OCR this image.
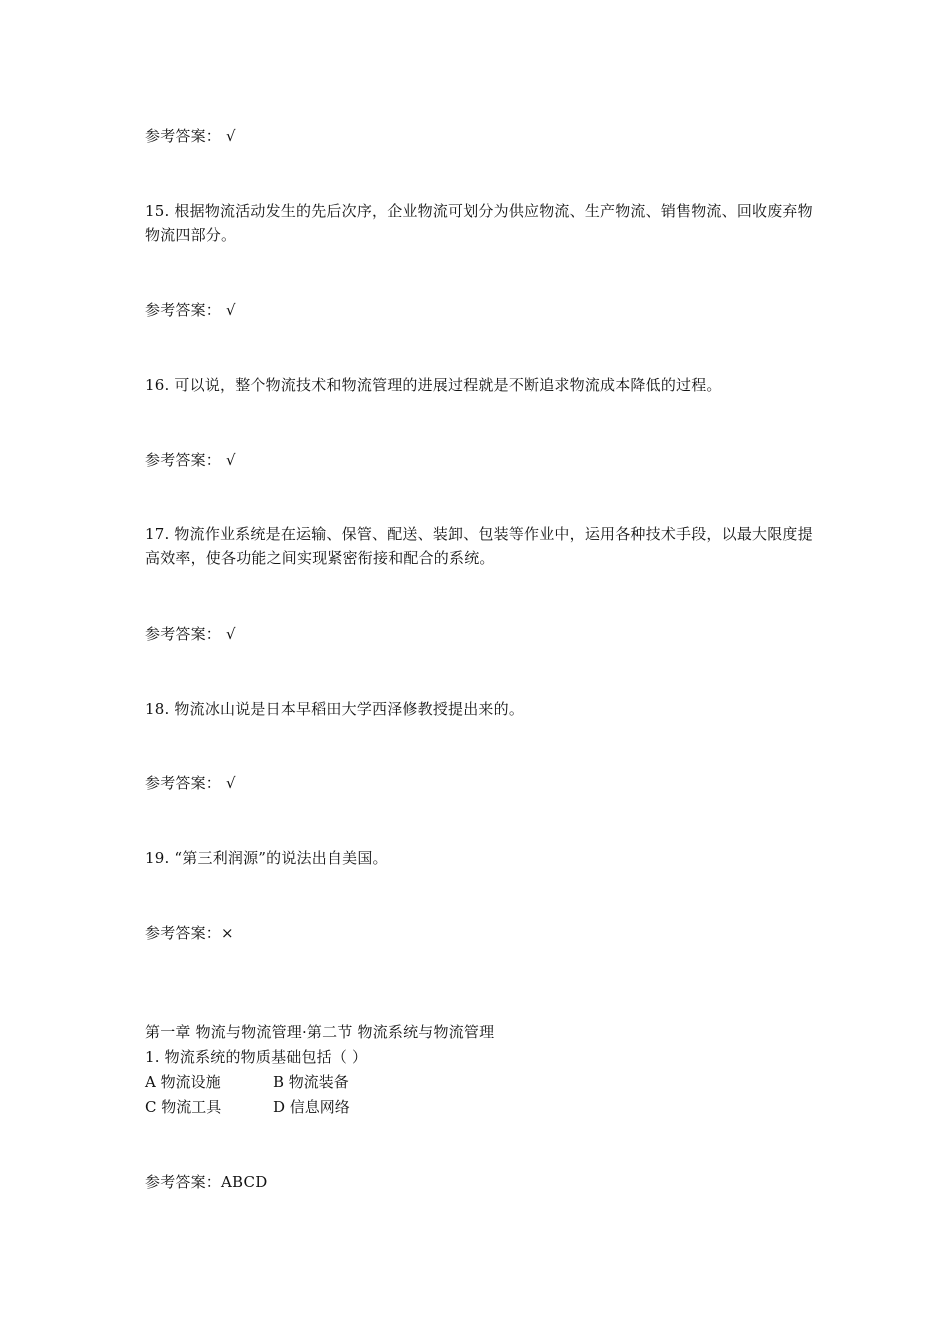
参考答案： √
15. 根据物流活动发生的先后次序，企业物流可划分为供应物流、生产物流、销售物流、回收废弃物物流四部分。
参考答案： √
16. 可以说，整个物流技术和物流管理的进展过程就是不断追求物流成本降低的过程。
参考答案： √
17. 物流作业系统是在运输、保管、配送、装卸、包装等作业中，运用各种技术手段，以最大限度提高效率，使各功能之间实现紧密衔接和配合的系统。
参考答案： √
18. 物流冰山说是日本早稻田大学西泽修教授提出来的。
参考答案： √
19. “第三利润源”的说法出自美国。
参考答案：×
第一章 物流与物流管理·第二节 物流系统与物流管理
1. 物流系统的物质基础包括（ ）
A 物流设施	B 物流装备
C 物流工具	D 信息网络
参考答案：ABCD
